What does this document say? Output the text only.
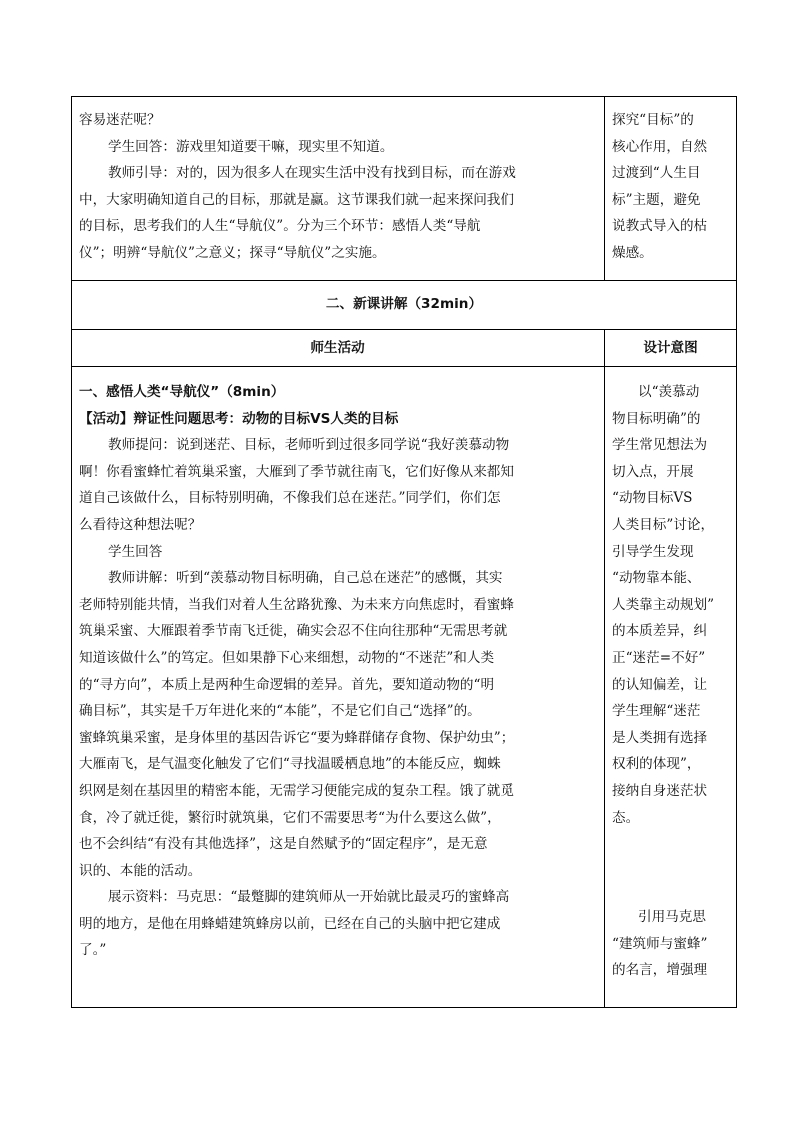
容易迷茫呢？

学生回答：游戏里知道要干嘛，现实里不知道。

教师引导：对的，因为很多人在现实生活中没有找到目标，而在游戏

中，大家明确知道自己的目标，那就是赢。这节课我们就一起来探问我们

的目标，思考我们的人生“导航仪”。分为三个环节：感悟人类“导航

仪”；明辨“导航仪”之意义；探寻“导航仪”之实施。

探究“目标”的

核心作用，自然

过渡到“人生目

标”主题，避免

说教式导入的枯

燥感。

二、新课讲解（32min）
师生活动	设计意图

一、感悟人类“导航仪”（8min）

【活动】辩证性问题思考：动物的目标VS人类的目标

教师提问：说到迷茫、目标，老师听到过很多同学说“我好羡慕动物

啊！你看蜜蜂忙着筑巢采蜜，大雁到了季节就往南飞，它们好像从来都知

道自己该做什么，目标特别明确，不像我们总在迷茫。”同学们，你们怎

么看待这种想法呢？

学生回答

教师讲解：听到“羡慕动物目标明确，自己总在迷茫”的感慨，其实

老师特别能共情，当我们对着人生岔路犹豫、为未来方向焦虑时，看蜜蜂

筑巢采蜜、大雁跟着季节南飞迁徙，确实会忍不住向往那种“无需思考就

知道该做什么”的笃定。但如果静下心来细想，动物的“不迷茫”和人类

的“寻方向”，本质上是两种生命逻辑的差异。首先，要知道动物的“明

确目标”，其实是千万年进化来的“本能”，不是它们自己“选择”的。

蜜蜂筑巢采蜜，是身体里的基因告诉它“要为蜂群储存食物、保护幼虫”；

大雁南飞，是气温变化触发了它们“寻找温暖栖息地”的本能反应，蜘蛛

织网是刻在基因里的精密本能，无需学习便能完成的复杂工程。饿了就觅

食，冷了就迁徙，繁衍时就筑巢，它们不需要思考“为什么要这么做”，

也不会纠结“有没有其他选择”，这是自然赋予的“固定程序”，是无意

识的、本能的活动。

展示资料：马克思：“最蹩脚的建筑师从一开始就比最灵巧的蜜蜂高

明的地方，是他在用蜂蜡建筑蜂房以前，已经在自己的头脑中把它建成

了。”

以“羡慕动

物目标明确”的

学生常见想法为

切入点，开展

“动物目标VS

人类目标”讨论，

引导学生发现

“动物靠本能、

人类靠主动规划”

的本质差异，纠

正“迷茫=不好”

的认知偏差，让

学生理解“迷茫

是人类拥有选择

权利的体现”，

接纳自身迷茫状

态。

引用马克思

“建筑师与蜜蜂”

的名言，增强理
